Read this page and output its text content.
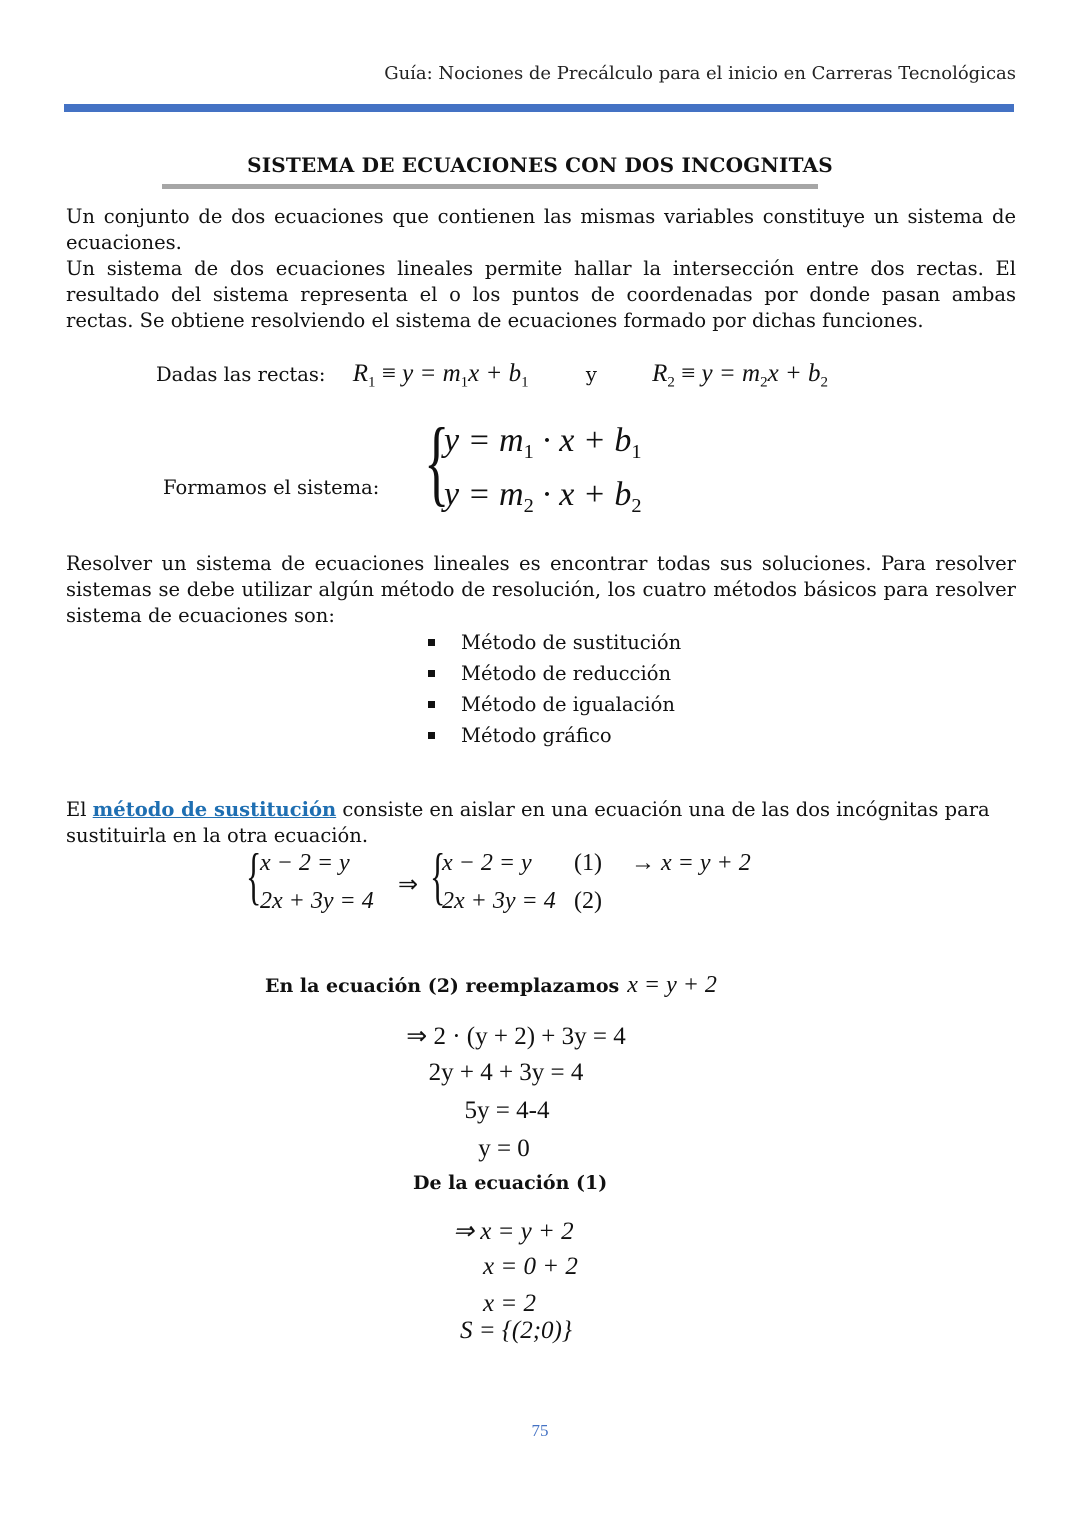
Guía: Nociones de Precálculo para el inicio en Carreras Tecnológicas
SISTEMA DE ECUACIONES CON DOS INCOGNITAS

Un conjunto de dos ecuaciones que contienen las mismas variables constituye un sistema de ecuaciones.

Un sistema de dos ecuaciones lineales permite hallar la intersección entre dos rectas. El resultado del sistema representa el o los puntos de coordenadas por donde pasan ambas rectas. Se obtiene resolviendo el sistema de ecuaciones formado por dichas funciones.

Dadas las rectas: $R_1 \equiv y = m_1x + b_1$	y $R_2 \equiv y = m_2x + b_2$
Formamos el sistema: {
$y = m_1 \cdot x + b_1$
$y = m_2 \cdot x + b_2$
Resolver un sistema de ecuaciones lineales es encontrar todas sus soluciones. Para resolver sistemas se debe utilizar algún método de resolución, los cuatro métodos básicos para resolver sistema de ecuaciones son:
Método de sustitución
Método de reducción
Método de igualación
Método gráfico
El método de sustitución consiste en aislar en una ecuación una de las dos incógnitas para sustituirla en la otra ecuación.
{
x − 2 = y
2x + 3y = 4
⇒ {
x − 2 = y
2x + 3y = 4
(1)
(2)
→ x = y + 2
En la ecuación (2) reemplazamos x = y + 2
⇒ 2 · (y + 2) + 3y = 4
2y + 4 + 3y = 4
5y = 4-4
y = 0
De la ecuación (1)
⇒ x = y + 2
x = 0 + 2
x = 2
S = {(2;0)}
75
